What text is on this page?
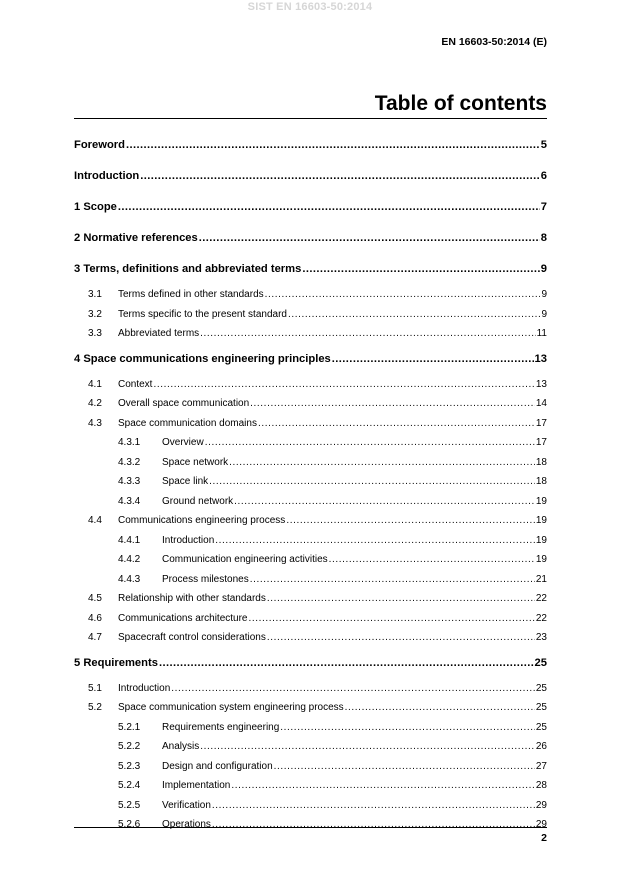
SIST EN 16603-50:2014
EN 16603-50:2014 (E)
Table of contents
Foreword .....	5
Introduction .....	6
1 Scope .....	7
2 Normative references .....	8
3 Terms, definitions and abbreviated terms .....	9
3.1	Terms defined in other standards .....	9
3.2	Terms specific to the present standard .....	9
3.3	Abbreviated terms .....	11
4 Space communications engineering principles .....	13
4.1	Context .....	13
4.2	Overall space communication .....	14
4.3	Space communication domains .....	17
4.3.1	Overview .....	17
4.3.2	Space network .....	18
4.3.3	Space link .....	18
4.3.4	Ground network .....	19
4.4	Communications engineering process .....	19
4.4.1	Introduction .....	19
4.4.2	Communication engineering activities .....	19
4.4.3	Process milestones .....	21
4.5	Relationship with other standards .....	22
4.6	Communications architecture .....	22
4.7	Spacecraft control considerations .....	23
5 Requirements .....	25
5.1	Introduction .....	25
5.2	Space communication system engineering process .....	25
5.2.1	Requirements engineering .....	25
5.2.2	Analysis .....	26
5.2.3	Design and configuration .....	27
5.2.4	Implementation .....	28
5.2.5	Verification .....	29
5.2.6	Operations .....	29
2
